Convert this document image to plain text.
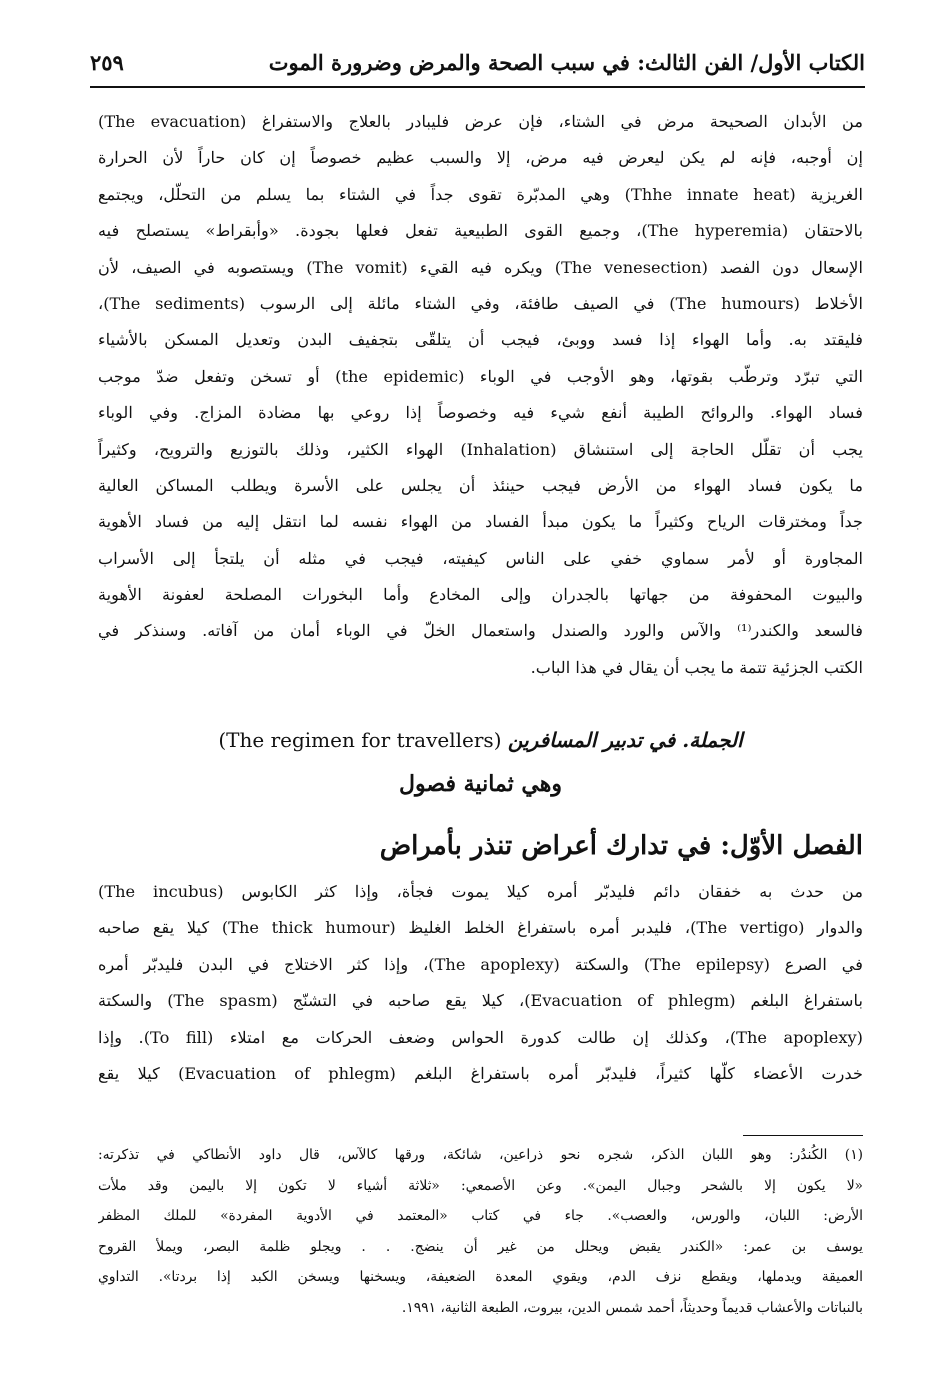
الكتاب الأول/ الفن الثالث: في سبب الصحة والمرض وضرورة الموت
٢٥٩
من الأبدان الصحيحة مرض في الشتاء، فإن عرض فليبادر بالعلاج والاستفراغ (The evacuation)
إن أوجبه، فإنه لم يكن ليعرض فيه مرض، إلا والسبب عظيم خصوصاً إن كان حاراً لأن الحرارة
الغريزية (Thhe innate heat) وهي المدبّرة تقوى جداً في الشتاء بما يسلم من التحلّل، ويجتمع
بالاحتقان (The hyperemia)، وجميع القوى الطبيعية تفعل فعلها بجودة. «وأبقراط» يستصلح فيه
الإسعال دون الفصد (The venesection) ويكره فيه القيء (The vomit) ويستصوبه في الصيف، لأن
الأخلاط (The humours) في الصيف طافئة، وفي الشتاء مائلة إلى الرسوب (The sediments)،
فليقتد به. وأما الهواء إذا فسد ووبئ، فيجب أن يتلقّى بتجفيف البدن وتعديل المسكن بالأشياء
التي تبرّد وترطّب بقوتها، وهو الأوجب في الوباء (the epidemic) أو تسخن وتفعل ضدّ موجب
فساد الهواء. والروائح الطيبة أنفع شيء فيه وخصوصاً إذا روعي بها مضادة المزاج. وفي الوباء
يجب أن تقلّل الحاجة إلى استنشاق (Inhalation) الهواء الكثير، وذلك بالتوزيع والترويح، وكثيراً
ما يكون فساد الهواء من الأرض فيجب حينئذ أن يجلس على الأسرة ويطلب المساكن العالية
جداً ومخترقات الرياح وكثيراً ما يكون مبدأ الفساد من الهواء نفسه لما انتقل إليه من فساد الأهوية
المجاورة أو لأمر سماوي خفي على الناس كيفيته، فيجب في مثله أن يلتجأ إلى الأسراب
والبيوت المحفوفة من جهاتها بالجدران وإلى المخادع وأما البخورات المصلحة لعفونة الأهوية
فالسعد والكندر⁽¹⁾ والآس والورد والصندل واستعمال الخلّ في الوباء أمان من آفاته. وسنذكر في
الكتب الجزئية تتمة ما يجب أن يقال في هذا الباب.
الجملة. في تدبير المسافرين (The regimen for travellers)
وهي ثمانية فصول
الفصل الأوّل: في تدارك أعراض تنذر بأمراض
من حدث به خفقان دائم فليدبّر أمره كيلا يموت فجأة، وإذا كثر الكابوس (The incubus)
والدوار (The vertigo)، فليدبر أمره باستفراغ الخلط الغليظ (The thick humour) كيلا يقع صاحبه
في الصرع (The epilepsy) والسكتة (The apoplexy)، وإذا كثر الاختلاج في البدن فليدبّر أمره
باستفراغ البلغم (Evacuation of phlegm)، كيلا يقع صاحبه في التشنّج (The spasm) والسكتة
(The apoplexy)، وكذلك إن طالت كدورة الحواس وضعف الحركات مع امتلاء (To fill). وإذا
خدرت الأعضاء كلّها كثيراً، فليدبّر أمره باستفراغ البلغم (Evacuation of phlegm) كيلا يقع
(١) الكُندُر: وهو اللبان الذكر، شجره نحو ذراعين، شائكة، ورقها كالآس، قال داود الأنطاكي في تذكرته:
«لا يكون إلا بالشحر وجبال اليمن». وعن الأصمعي: «ثلاثة أشياء لا تكون إلا باليمن وقد ملأت
الأرض: اللبان، والورس، والعصب». جاء في كتاب «المعتمد في الأدوية المفردة» للملك المظفر
يوسف بن عمر: «الكندر يقبض ويحلل من غير أن ينضج. . . ويجلو ظلمة البصر، ويملأ القروح
العميقة ويدملها، ويقطع نزف الدم، ويقوي المعدة الضعيفة، ويسخنها ويسخن الكبد إذا بردتا». التداوي
بالنباتات والأعشاب قديماً وحديثاً، أحمد شمس الدين، بيروت، الطبعة الثانية، ١٩٩١.
